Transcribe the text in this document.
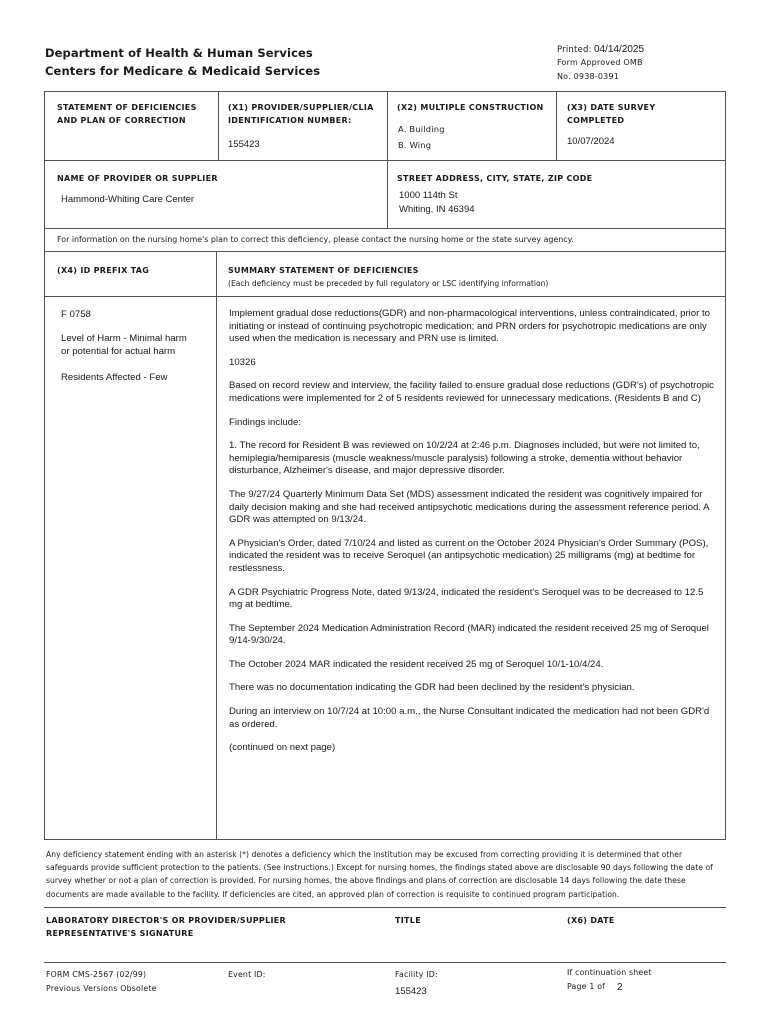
Department of Health & Human Services
Centers for Medicare & Medicaid Services
Printed: 04/14/2025
Form Approved OMB
No. 0938-0391
STATEMENT OF DEFICIENCIES
AND PLAN OF CORRECTION
(X1) PROVIDER/SUPPLIER/CLIA
IDENTIFICATION NUMBER:
155423
(X2) MULTIPLE CONSTRUCTION
A. Building
B. Wing
(X3) DATE SURVEY
COMPLETED
10/07/2024
NAME OF PROVIDER OR SUPPLIER
Hammond-Whiting Care Center
STREET ADDRESS, CITY, STATE, ZIP CODE
1000 114th St
Whiting, IN 46394
For information on the nursing home's plan to correct this deficiency, please contact the nursing home or the state survey agency.
(X4) ID PREFIX TAG	SUMMARY STATEMENT OF DEFICIENCIES
(Each deficiency must be preceded by full regulatory or LSC identifying information)
F 0758
Level of Harm - Minimal harm
or potential for actual harm
Residents Affected - Few

Implement gradual dose reductions(GDR) and non-pharmacological interventions, unless contraindicated, prior to initiating or instead of continuing psychotropic medication; and PRN orders for psychotropic medications are only used when the medication is necessary and PRN use is limited.

10326

Based on record review and interview, the facility failed to ensure gradual dose reductions (GDR's) of psychotropic medications were implemented for 2 of 5 residents reviewed for unnecessary medications. (Residents B and C)

Findings include:

1. The record for Resident B was reviewed on 10/2/24 at 2:46 p.m. Diagnoses included, but were not limited to, hemiplegia/hemiparesis (muscle weakness/muscle paralysis) following a stroke, dementia without behavior disturbance, Alzheimer's disease, and major depressive disorder.

The 9/27/24 Quarterly Minimum Data Set (MDS) assessment indicated the resident was cognitively impaired for daily decision making and she had received antipsychotic medications during the assessment reference period. A GDR was attempted on 9/13/24.

A Physician's Order, dated 7/10/24 and listed as current on the October 2024 Physician's Order Summary (POS), indicated the resident was to receive Seroquel (an antipsychotic medication) 25 milligrams (mg) at bedtime for restlessness.

A GDR Psychiatric Progress Note, dated 9/13/24, indicated the resident's Seroquel was to be decreased to 12.5 mg at bedtime.

The September 2024 Medication Administration Record (MAR) indicated the resident received 25 mg of Seroquel 9/14-9/30/24.

The October 2024 MAR indicated the resident received 25 mg of Seroquel 10/1-10/4/24.

There was no documentation indicating the GDR had been declined by the resident's physician.

During an interview on 10/7/24 at 10:00 a.m., the Nurse Consultant indicated the medication had not been GDR'd as ordered.

(continued on next page)

Any deficiency statement ending with an asterisk (*) denotes a deficiency which the institution may be excused from correcting providing it is determined that other safeguards provide sufficient protection to the patients. (See instructions.) Except for nursing homes, the findings stated above are disclosable 90 days following the date of survey whether or not a plan of correction is provided. For nursing homes, the above findings and plans of correction are disclosable 14 days following the date these documents are made available to the facility. If deficiencies are cited, an approved plan of correction is requisite to continued program participation.
LABORATORY DIRECTOR'S OR PROVIDER/SUPPLIER
REPRESENTATIVE'S SIGNATURE
TITLE	(X6) DATE
FORM CMS-2567 (02/99)
Previous Versions Obsolete
Event ID:	Facility ID:
155423
If continuation sheet
Page 1 of 2
